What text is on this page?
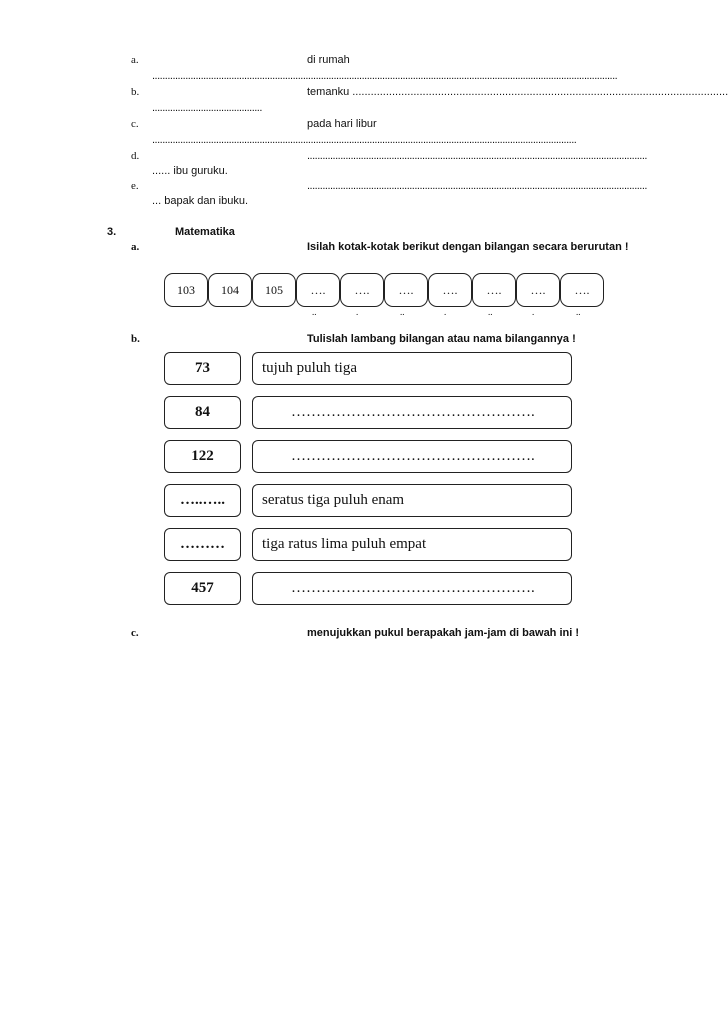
a.	di rumah
......................................................................................................................................................................................
b.	temanku ...........................................................................................................................
...........................................
c.	pada hari libur
......................................................................................................................................................................
d.	.....................................................................................................................................
...... ibu guruku.
e.	.....................................................................................................................................
... bapak dan ibuku.
3.	Matematika
a.	Isilah kotak-kotak berikut dengan bilangan secara berurutan !
103	104	105	….	….	….	….	….	….	….
..	.	..	.	..	.	..
b.	Tulislah lambang bilangan atau nama bilangannya !
73	tujuh puluh tiga
84	………………………………………….
122	………………………………………….
…..…..	seratus tiga puluh enam
………	tiga ratus lima puluh empat
457	………………………………………….
c.	menujukkan pukul berapakah jam-jam di bawah ini !
